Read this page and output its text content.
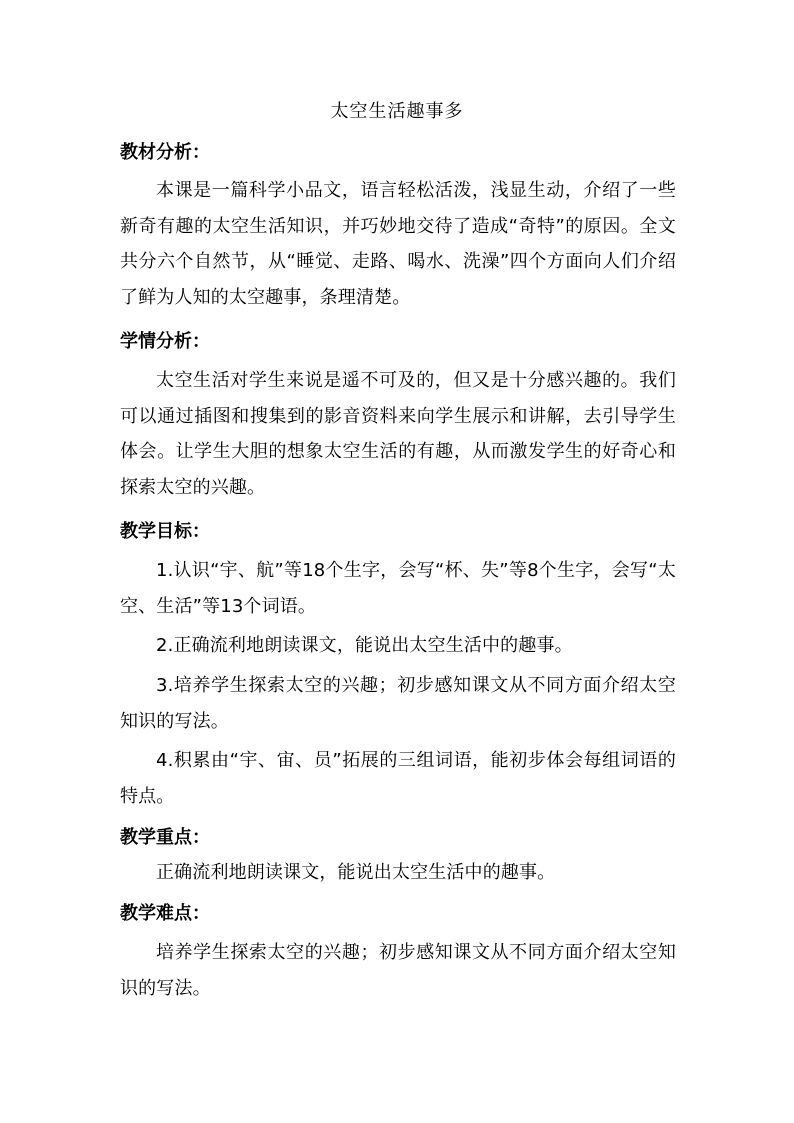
太空生活趣事多
教材分析：
本课是一篇科学小品文，语言轻松活泼，浅显生动，介绍了一些新奇有趣的太空生活知识，并巧妙地交待了造成“奇特”的原因。全文共分六个自然节，从“睡觉、走路、喝水、洗澡”四个方面向人们介绍了鲜为人知的太空趣事，条理清楚。
学情分析：
太空生活对学生来说是遥不可及的，但又是十分感兴趣的。我们可以通过插图和搜集到的影音资料来向学生展示和讲解，去引导学生体会。让学生大胆的想象太空生活的有趣，从而激发学生的好奇心和探索太空的兴趣。
教学目标：
1.认识“宇、航”等18个生字，会写“杯、失”等8个生字，会写“太空、生活”等13个词语。
2.正确流利地朗读课文，能说出太空生活中的趣事。
3.培养学生探索太空的兴趣；初步感知课文从不同方面介绍太空知识的写法。
4.积累由“宇、宙、员”拓展的三组词语，能初步体会每组词语的特点。
教学重点：
正确流利地朗读课文，能说出太空生活中的趣事。
教学难点：
培养学生探索太空的兴趣；初步感知课文从不同方面介绍太空知识的写法。
